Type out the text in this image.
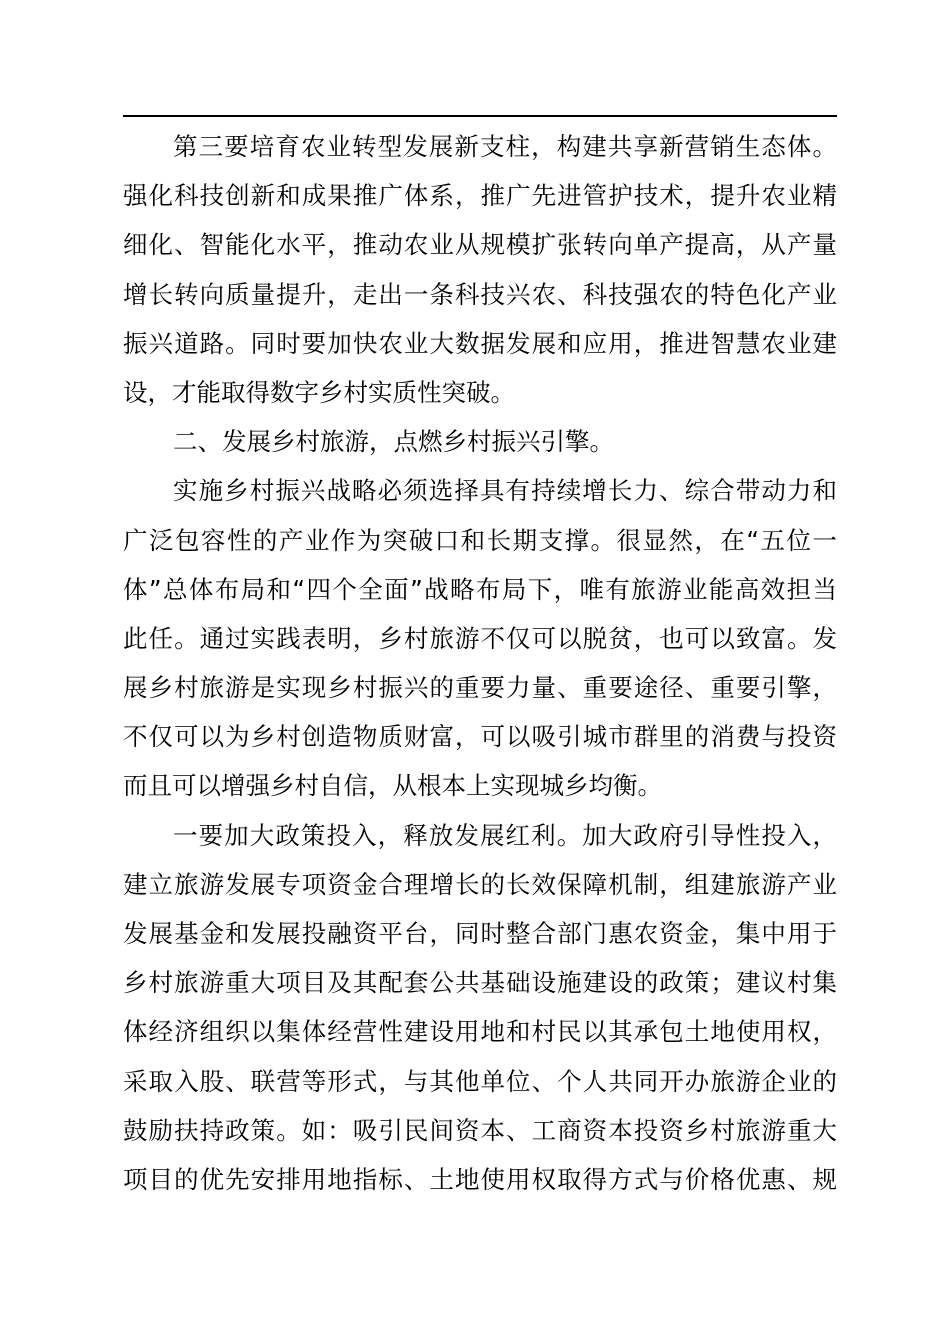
第三要培育农业转型发展新支柱，构建共享新营销生态体。
强化科技创新和成果推广体系，推广先进管护技术，提升农业精
细化、智能化水平，推动农业从规模扩张转向单产提高，从产量
增长转向质量提升，走出一条科技兴农、科技强农的特色化产业
振兴道路。同时要加快农业大数据发展和应用，推进智慧农业建
设，才能取得数字乡村实质性突破。
二、发展乡村旅游，点燃乡村振兴引擎。
实施乡村振兴战略必须选择具有持续增长力、综合带动力和
广泛包容性的产业作为突破口和长期支撑。很显然，在“五位一
体”总体布局和“四个全面”战略布局下，唯有旅游业能高效担当
此任。通过实践表明，乡村旅游不仅可以脱贫，也可以致富。发
展乡村旅游是实现乡村振兴的重要力量、重要途径、重要引擎，
不仅可以为乡村创造物质财富，可以吸引城市群里的消费与投资
而且可以增强乡村自信，从根本上实现城乡均衡。
一要加大政策投入，释放发展红利。加大政府引导性投入，
建立旅游发展专项资金合理增长的长效保障机制，组建旅游产业
发展基金和发展投融资平台，同时整合部门惠农资金，集中用于
乡村旅游重大项目及其配套公共基础设施建设的政策；建议村集
体经济组织以集体经营性建设用地和村民以其承包土地使用权，
采取入股、联营等形式，与其他单位、个人共同开办旅游企业的
鼓励扶持政策。如：吸引民间资本、工商资本投资乡村旅游重大
项目的优先安排用地指标、土地使用权取得方式与价格优惠、规
